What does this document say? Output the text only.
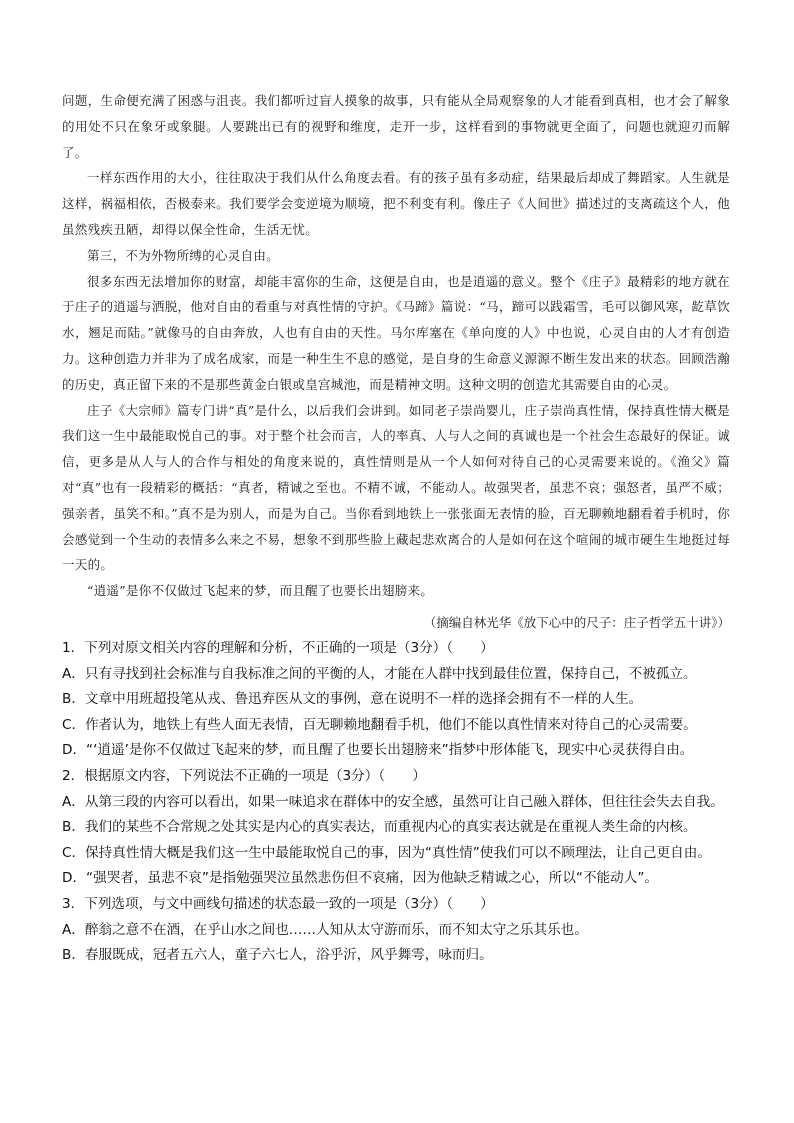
问题，生命便充满了困惑与沮丧。我们都听过盲人摸象的故事，只有能从全局观察象的人才能看到真相，也才会了解象的用处不只在象牙或象腿。人要跳出已有的视野和维度，走开一步，这样看到的事物就更全面了，问题也就迎刃而解了。

一样东西作用的大小，往往取决于我们从什么角度去看。有的孩子虽有多动症，结果最后却成了舞蹈家。人生就是这样，祸福相依，否极泰来。我们要学会变逆境为顺境，把不利变有利。像庄子《人间世》描述过的支离疏这个人，他虽然残疾丑陋，却得以保全性命，生活无忧。

第三，不为外物所缚的心灵自由。

很多东西无法增加你的财富，却能丰富你的生命，这便是自由，也是逍遥的意义。整个《庄子》最精彩的地方就在于庄子的逍遥与洒脱，他对自由的看重与对真性情的守护。《马蹄》篇说：“马，蹄可以践霜雪，毛可以御风寒，龁草饮水，翘足而陆。”就像马的自由奔放，人也有自由的天性。马尔库塞在《单向度的人》中也说，心灵自由的人才有创造力。这种创造力并非为了成名成家，而是一种生生不息的感觉，是自身的生命意义源源不断生发出来的状态。回顾浩瀚的历史，真正留下来的不是那些黄金白银或皇宫城池，而是精神文明。这种文明的创造尤其需要自由的心灵。

庄子《大宗师》篇专门讲“真”是什么，以后我们会讲到。如同老子崇尚婴儿，庄子崇尚真性情，保持真性情大概是我们这一生中最能取悦自己的事。对于整个社会而言，人的率真、人与人之间的真诚也是一个社会生态最好的保证。诚信，更多是从人与人的合作与相处的角度来说的，真性情则是从一个人如何对待自己的心灵需要来说的。《渔父》篇对“真”也有一段精彩的概括：“真者，精诚之至也。不精不诚，不能动人。故强哭者，虽悲不哀；强怒者，虽严不威；强亲者，虽笑不和。”真不是为别人，而是为自己。当你看到地铁上一张张面无表情的脸，百无聊赖地翻看着手机时，你会感觉到一个生动的表情多么来之不易，想象不到那些脸上藏起悲欢离合的人是如何在这个喧闹的城市硬生生地挺过每一天的。

“逍遥”是你不仅做过飞起来的梦，而且醒了也要长出翅膀来。

（摘编自林光华《放下心中的尺子：庄子哲学五十讲》）

1．下列对原文相关内容的理解和分析，不正确的一项是（3分）（　　）

A．只有寻找到社会标准与自我标准之间的平衡的人，才能在人群中找到最佳位置，保持自己，不被孤立。

B．文章中用班超投笔从戎、鲁迅弃医从文的事例，意在说明不一样的选择会拥有不一样的人生。

C．作者认为，地铁上有些人面无表情，百无聊赖地翻看手机，他们不能以真性情来对待自己的心灵需要。

D．“‘逍遥’是你不仅做过飞起来的梦，而且醒了也要长出翅膀来”指梦中形体能飞，现实中心灵获得自由。

2．根据原文内容，下列说法不正确的一项是（3分）（　　）

A．从第三段的内容可以看出，如果一味追求在群体中的安全感，虽然可让自己融入群体，但往往会失去自我。

B．我们的某些不合常规之处其实是内心的真实表达，而重视内心的真实表达就是在重视人类生命的内核。

C．保持真性情大概是我们这一生中最能取悦自己的事，因为“真性情”使我们可以不顾理法，让自己更自由。

D．“强哭者，虽悲不哀”是指勉强哭泣虽然悲伤但不哀痛，因为他缺乏精诚之心，所以“不能动人”。

3．下列选项，与文中画线句描述的状态最一致的一项是（3分）（　　）

A．醉翁之意不在酒，在乎山水之间也……人知从太守游而乐，而不知太守之乐其乐也。

B．春服既成，冠者五六人，童子六七人，浴乎沂，风乎舞雩，咏而归。
